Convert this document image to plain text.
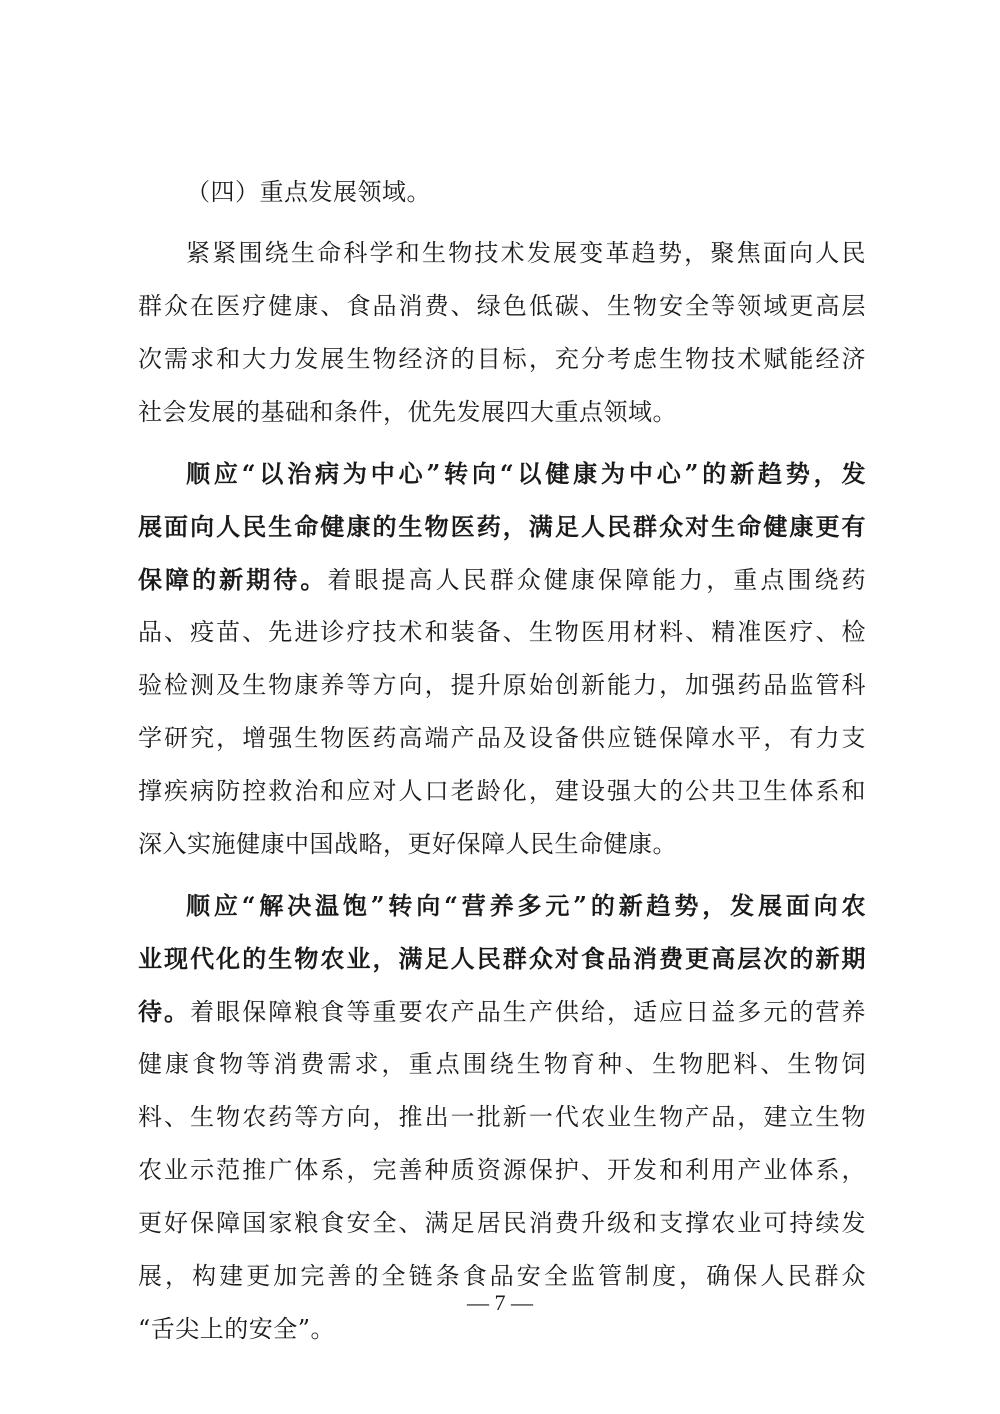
（四）重点发展领域。
紧紧围绕生命科学和生物技术发展变革趋势，聚焦面向人民
群众在医疗健康、食品消费、绿色低碳、生物安全等领域更高层
次需求和大力发展生物经济的目标，充分考虑生物技术赋能经济
社会发展的基础和条件，优先发展四大重点领域。
顺应“以治病为中心”转向“以健康为中心”的新趋势，发
展面向人民生命健康的生物医药，满足人民群众对生命健康更有
保障的新期待。着眼提高人民群众健康保障能力，重点围绕药
品、疫苗、先进诊疗技术和装备、生物医用材料、精准医疗、检
验检测及生物康养等方向，提升原始创新能力，加强药品监管科
学研究，增强生物医药高端产品及设备供应链保障水平，有力支
撑疾病防控救治和应对人口老龄化，建设强大的公共卫生体系和
深入实施健康中国战略，更好保障人民生命健康。
顺应“解决温饱”转向“营养多元”的新趋势，发展面向农
业现代化的生物农业，满足人民群众对食品消费更高层次的新期
待。着眼保障粮食等重要农产品生产供给，适应日益多元的营养
健康食物等消费需求，重点围绕生物育种、生物肥料、生物饲
料、生物农药等方向，推出一批新一代农业生物产品，建立生物
农业示范推广体系，完善种质资源保护、开发和利用产业体系，
更好保障国家粮食安全、满足居民消费升级和支撑农业可持续发
展，构建更加完善的全链条食品安全监管制度，确保人民群众
“舌尖上的安全”。
— 7 —
